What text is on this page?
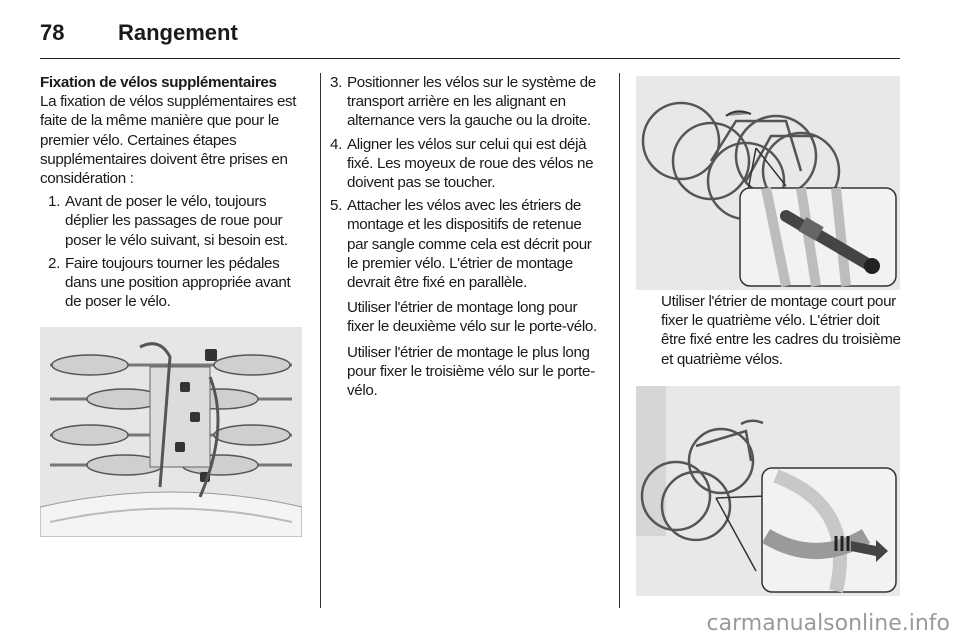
78	Rangement

Fixation de vélos supplémentaires

La fixation de vélos supplémentaires est faite de la même manière que pour le premier vélo. Certaines étapes supplémentaires doivent être prises en considération :

1. Avant de poser le vélo, toujours déplier les passages de roue pour poser le vélo suivant, si besoin est.
2. Faire toujours tourner les pédales dans une position appropriée avant de poser le vélo.
3. Positionner les vélos sur le système de transport arrière en les alignant en alternance vers la gauche ou la droite.
4. Aligner les vélos sur celui qui est déjà fixé. Les moyeux de roue des vélos ne doivent pas se toucher.
5. Attacher les vélos avec les étriers de montage et les dispositifs de retenue par sangle comme cela est décrit pour le premier vélo. L'étrier de montage devrait être fixé en parallèle.

Utiliser l'étrier de montage long pour fixer le deuxième vélo sur le porte-vélo.

Utiliser l'étrier de montage le plus long pour fixer le troisième vélo sur le porte-vélo.

Utiliser l'étrier de montage court pour fixer le quatrième vélo. L'étrier doit être fixé entre les cadres du troisième et quatrième vélos.

carmanualsonline.info
